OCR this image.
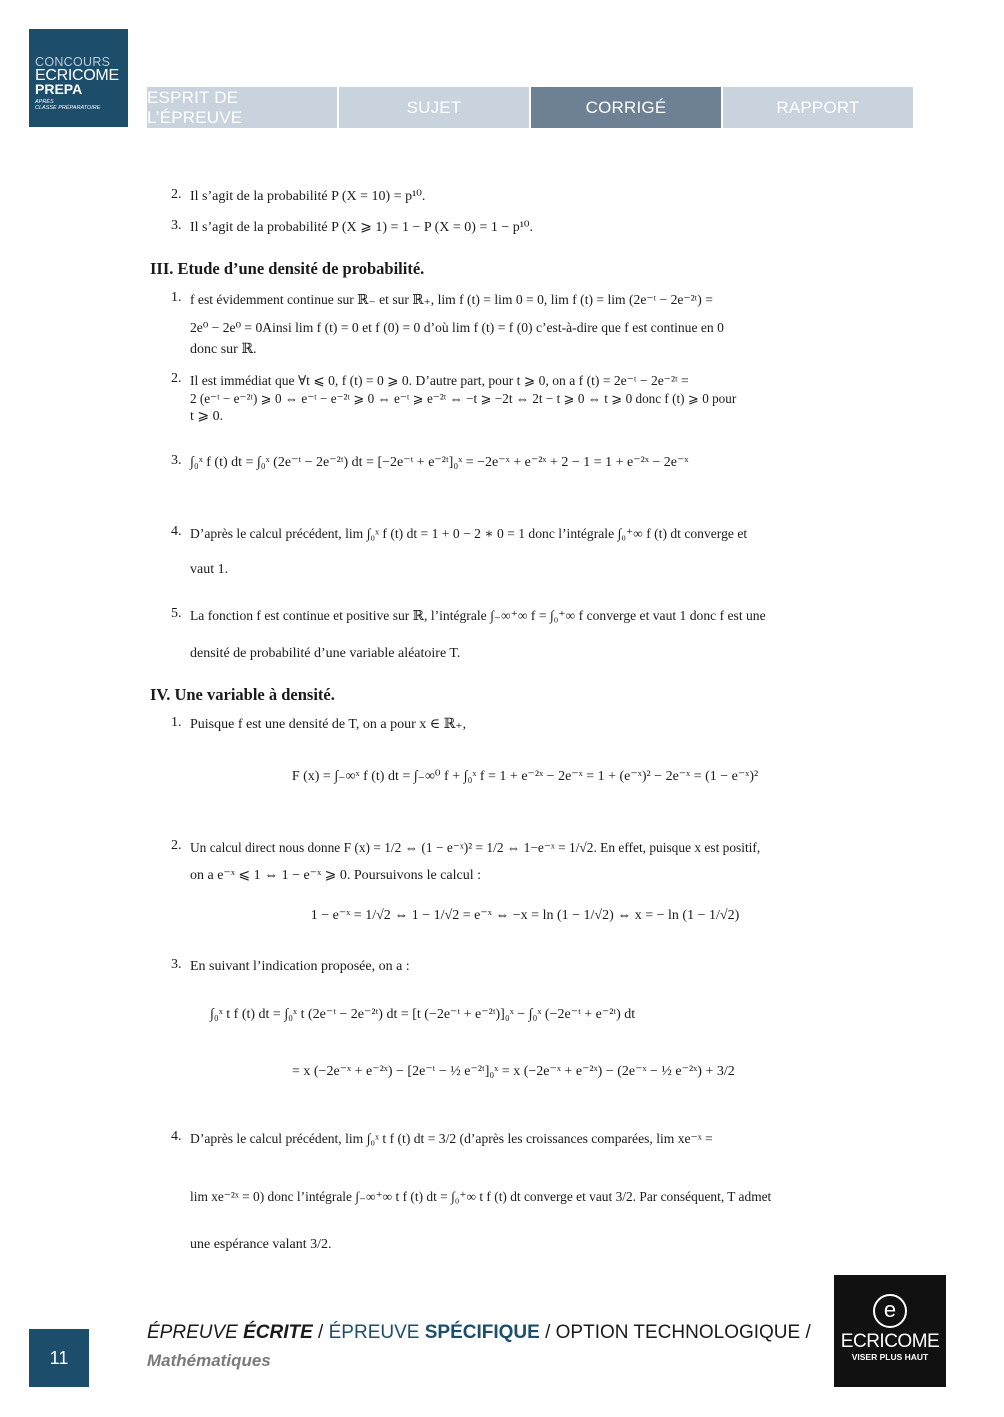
CONCOURS
ECRICOME
PREPA
APRÈS
CLASSE PRÉPARATOIRE
ESPRIT DE L’ÉPREUVE
SUJET	CORRIGÉ	RAPPORT
2. Il s’agit de la probabilité P (X = 10) = p¹⁰.
3. Il s’agit de la probabilité P (X ⩾ 1) = 1 − P (X = 0) = 1 − p¹⁰.
III. Etude d’une densité de probabilité.
1. f est évidemment continue sur ℝ₋ et sur ℝ₊, lim f (t) = lim 0 = 0, lim f (t) = lim (2e⁻ᵗ − 2e⁻²ᵗ) =
2e⁰ − 2e⁰ = 0Ainsi lim f (t) = 0 et f (0) = 0 d’où lim f (t) = f (0) c’est-à-dire que f est continue en 0
donc sur ℝ.
2. Il est immédiat que ∀t ⩽ 0, f (t) = 0 ⩾ 0. D’autre part, pour t ⩾ 0, on a f (t) = 2e⁻ᵗ − 2e⁻²ᵗ =
2 (e⁻ᵗ − e⁻²ᵗ) ⩾ 0 ⇔ e⁻ᵗ − e⁻²ᵗ ⩾ 0 ⇔ e⁻ᵗ ⩾ e⁻²ᵗ ⇔ −t ⩾ −2t ⇔ 2t − t ⩾ 0 ⇔ t ⩾ 0 donc f (t) ⩾ 0 pour
t ⩾ 0.
3. ∫₀ˣ f (t) dt = ∫₀ˣ (2e⁻ᵗ − 2e⁻²ᵗ) dt = [−2e⁻ᵗ + e⁻²ᵗ]₀ˣ = −2e⁻ˣ + e⁻²ˣ + 2 − 1 = 1 + e⁻²ˣ − 2e⁻ˣ
4. D’après le calcul précédent, lim ∫₀ˣ f (t) dt = 1 + 0 − 2 ∗ 0 = 1 donc l’intégrale ∫₀⁺∞ f (t) dt converge et
vaut 1.
5. La fonction f est continue et positive sur ℝ, l’intégrale ∫₋∞⁺∞ f = ∫₀⁺∞ f converge et vaut 1 donc f est une
densité de probabilité d’une variable aléatoire T.
IV. Une variable à densité.
1. Puisque f est une densité de T, on a pour x ∈ ℝ₊,
F (x) = ∫₋∞ˣ f (t) dt = ∫₋∞⁰ f + ∫₀ˣ f = 1 + e⁻²ˣ − 2e⁻ˣ = 1 + (e⁻ˣ)² − 2e⁻ˣ = (1 − e⁻ˣ)²
2. Un calcul direct nous donne F (x) = 1/2 ⇔ (1 − e⁻ˣ)² = 1/2 ⇔ 1−e⁻ˣ = 1/√2. En effet, puisque x est positif,
on a e⁻ˣ ⩽ 1 ⇔ 1 − e⁻ˣ ⩾ 0. Poursuivons le calcul :
1 − e⁻ˣ = 1/√2 ⇔ 1 − 1/√2 = e⁻ˣ ⇔ −x = ln (1 − 1/√2) ⇔ x = − ln (1 − 1/√2)
3. En suivant l’indication proposée, on a :
∫₀ˣ t f (t) dt = ∫₀ˣ t (2e⁻ᵗ − 2e⁻²ᵗ) dt = [t (−2e⁻ᵗ + e⁻²ᵗ)]₀ˣ − ∫₀ˣ (−2e⁻ᵗ + e⁻²ᵗ) dt
= x (−2e⁻ˣ + e⁻²ˣ) − [2e⁻ᵗ − ½ e⁻²ᵗ]₀ˣ = x (−2e⁻ˣ + e⁻²ˣ) − (2e⁻ˣ − ½ e⁻²ˣ) + 3/2
4. D’après le calcul précédent, lim ∫₀ˣ t f (t) dt = 3/2 (d’après les croissances comparées, lim xe⁻ˣ =
lim xe⁻²ˣ = 0) donc l’intégrale ∫₋∞⁺∞ t f (t) dt = ∫₀⁺∞ t f (t) dt converge et vaut 3/2. Par conséquent, T admet
une espérance valant 3/2.
11
ÉPREUVE ÉCRITE / ÉPREUVE SPÉCIFIQUE / OPTION TECHNOLOGIQUE /
Mathématiques
e
ECRICOME
VISER PLUS HAUT
